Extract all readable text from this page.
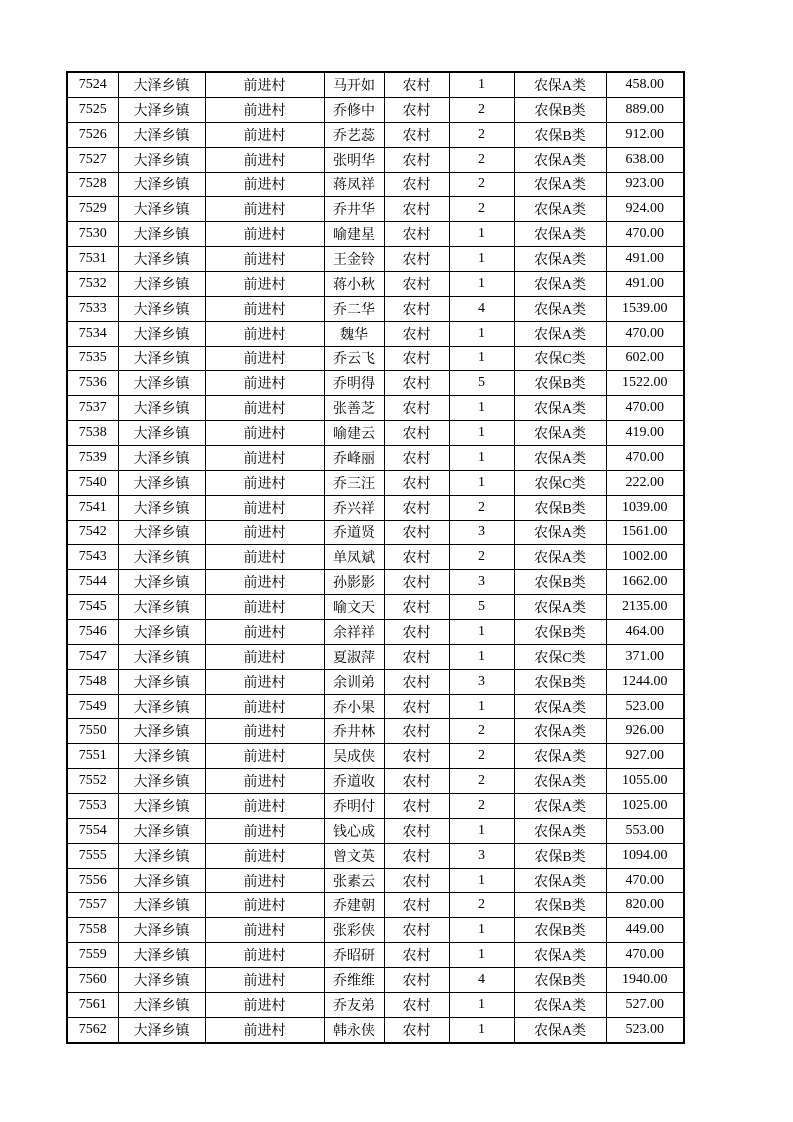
7524	大泽乡镇	前进村	马开如	农村	1	农保A类	458.00
7525	大泽乡镇	前进村	乔修中	农村	2	农保B类	889.00
7526	大泽乡镇	前进村	乔艺蕊	农村	2	农保B类	912.00
7527	大泽乡镇	前进村	张明华	农村	2	农保A类	638.00
7528	大泽乡镇	前进村	蒋凤祥	农村	2	农保A类	923.00
7529	大泽乡镇	前进村	乔井华	农村	2	农保A类	924.00
7530	大泽乡镇	前进村	喻建星	农村	1	农保A类	470.00
7531	大泽乡镇	前进村	王金铃	农村	1	农保A类	491.00
7532	大泽乡镇	前进村	蒋小秋	农村	1	农保A类	491.00
7533	大泽乡镇	前进村	乔二华	农村	4	农保A类	1539.00
7534	大泽乡镇	前进村	魏华	农村	1	农保A类	470.00
7535	大泽乡镇	前进村	乔云飞	农村	1	农保C类	602.00
7536	大泽乡镇	前进村	乔明得	农村	5	农保B类	1522.00
7537	大泽乡镇	前进村	张善芝	农村	1	农保A类	470.00
7538	大泽乡镇	前进村	喻建云	农村	1	农保A类	419.00
7539	大泽乡镇	前进村	乔峰丽	农村	1	农保A类	470.00
7540	大泽乡镇	前进村	乔三汪	农村	1	农保C类	222.00
7541	大泽乡镇	前进村	乔兴祥	农村	2	农保B类	1039.00
7542	大泽乡镇	前进村	乔道贤	农村	3	农保A类	1561.00
7543	大泽乡镇	前进村	单凤斌	农村	2	农保A类	1002.00
7544	大泽乡镇	前进村	孙影影	农村	3	农保B类	1662.00
7545	大泽乡镇	前进村	喻文天	农村	5	农保A类	2135.00
7546	大泽乡镇	前进村	余祥祥	农村	1	农保B类	464.00
7547	大泽乡镇	前进村	夏淑萍	农村	1	农保C类	371.00
7548	大泽乡镇	前进村	余训弟	农村	3	农保B类	1244.00
7549	大泽乡镇	前进村	乔小果	农村	1	农保A类	523.00
7550	大泽乡镇	前进村	乔井林	农村	2	农保A类	926.00
7551	大泽乡镇	前进村	吴成侠	农村	2	农保A类	927.00
7552	大泽乡镇	前进村	乔道收	农村	2	农保A类	1055.00
7553	大泽乡镇	前进村	乔明付	农村	2	农保A类	1025.00
7554	大泽乡镇	前进村	钱心成	农村	1	农保A类	553.00
7555	大泽乡镇	前进村	曾文英	农村	3	农保B类	1094.00
7556	大泽乡镇	前进村	张素云	农村	1	农保A类	470.00
7557	大泽乡镇	前进村	乔建朝	农村	2	农保B类	820.00
7558	大泽乡镇	前进村	张彩侠	农村	1	农保B类	449.00
7559	大泽乡镇	前进村	乔昭研	农村	1	农保A类	470.00
7560	大泽乡镇	前进村	乔维维	农村	4	农保B类	1940.00
7561	大泽乡镇	前进村	乔友弟	农村	1	农保A类	527.00
7562	大泽乡镇	前进村	韩永侠	农村	1	农保A类	523.00
